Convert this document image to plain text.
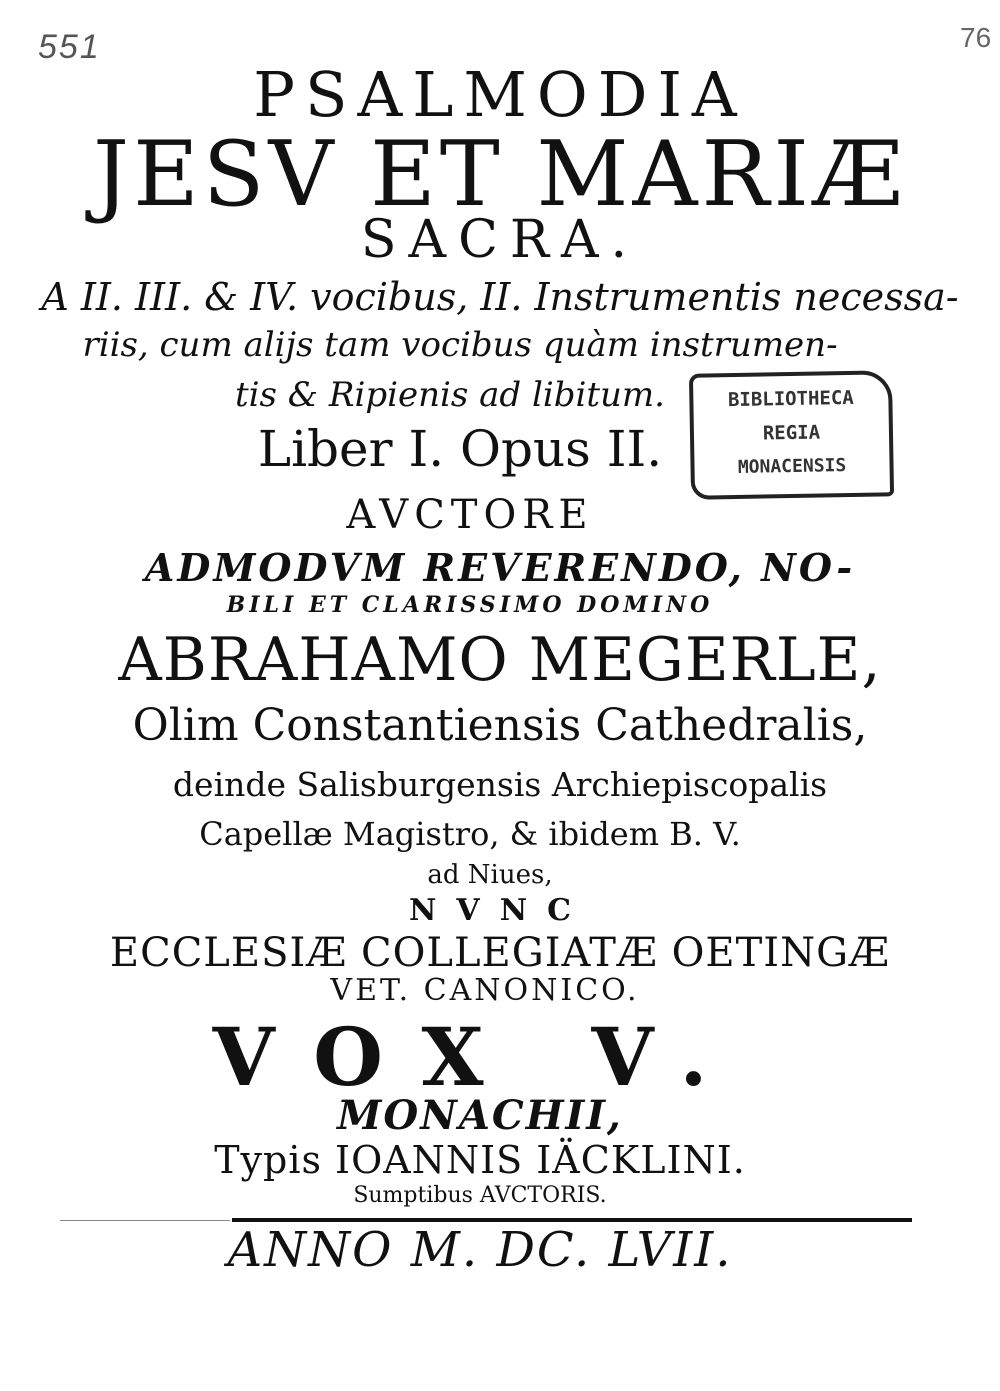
551	76
PSALMODIA
JESV ET MARIÆ
SACRA.
A II. III. & IV. vocibus, II. Instrumentis necessa-
riis, cum alijs tam vocibus quàm instrumen-
tis & Ripienis ad libitum.
Liber I. Opus II.
AVCTORE
ADMODVM REVERENDO, NO-
BILI ET CLARISSIMO DOMINO
ABRAHAMO MEGERLE,
Olim Constantiensis Cathedralis,
deinde Salisburgensis Archiepiscopalis
Capellæ Magistro, & ibidem B. V.
ad Niues,
NVNC
ECCLESIÆ COLLEGIATÆ OETINGÆ
VET. CANONICO.
VOX V.
MONACHII,
Typis IOANNIS IÄCKLINI.
Sumptibus AVCTORIS.
ANNO M. DC. LVII.
BIBLIOTHECA
REGIA
MONACENSIS
